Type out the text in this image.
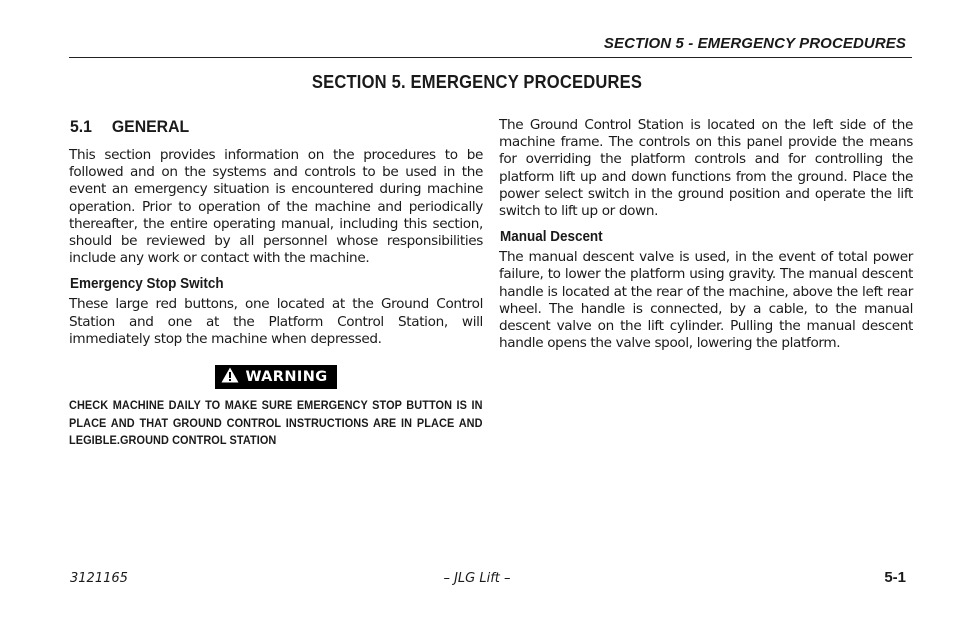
SECTION 5 - EMERGENCY PROCEDURES
SECTION 5. EMERGENCY PROCEDURES
5.1	GENERAL

This section provides information on the procedures to be followed and on the systems and controls to be used in the event an emergency situation is encountered during machine operation. Prior to operation of the machine and periodically thereafter, the entire operating manual, including this section, should be reviewed by all personnel whose responsibilities include any work or contact with the machine.

Emergency Stop Switch

These large red buttons, one located at the Ground Control Station and one at the Platform Control Station, will immediately stop the machine when depressed.

WARNING

CHECK MACHINE DAILY TO MAKE SURE EMERGENCY STOP BUTTON IS IN PLACE AND THAT GROUND CONTROL INSTRUCTIONS ARE IN PLACE AND LEGIBLE.GROUND CONTROL STATION

The Ground Control Station is located on the left side of the machine frame. The controls on this panel provide the means for overriding the platform controls and for controlling the platform lift up and down functions from the ground. Place the power select switch in the ground position and operate the lift switch to lift up or down.

Manual Descent

The manual descent valve is used, in the event of total power failure, to lower the platform using gravity. The manual descent handle is located at the rear of the machine, above the left rear wheel. The handle is connected, by a cable, to the manual descent valve on the lift cylinder. Pulling the manual descent handle opens the valve spool, lowering the platform.

3121165	– JLG Lift –	5-1
